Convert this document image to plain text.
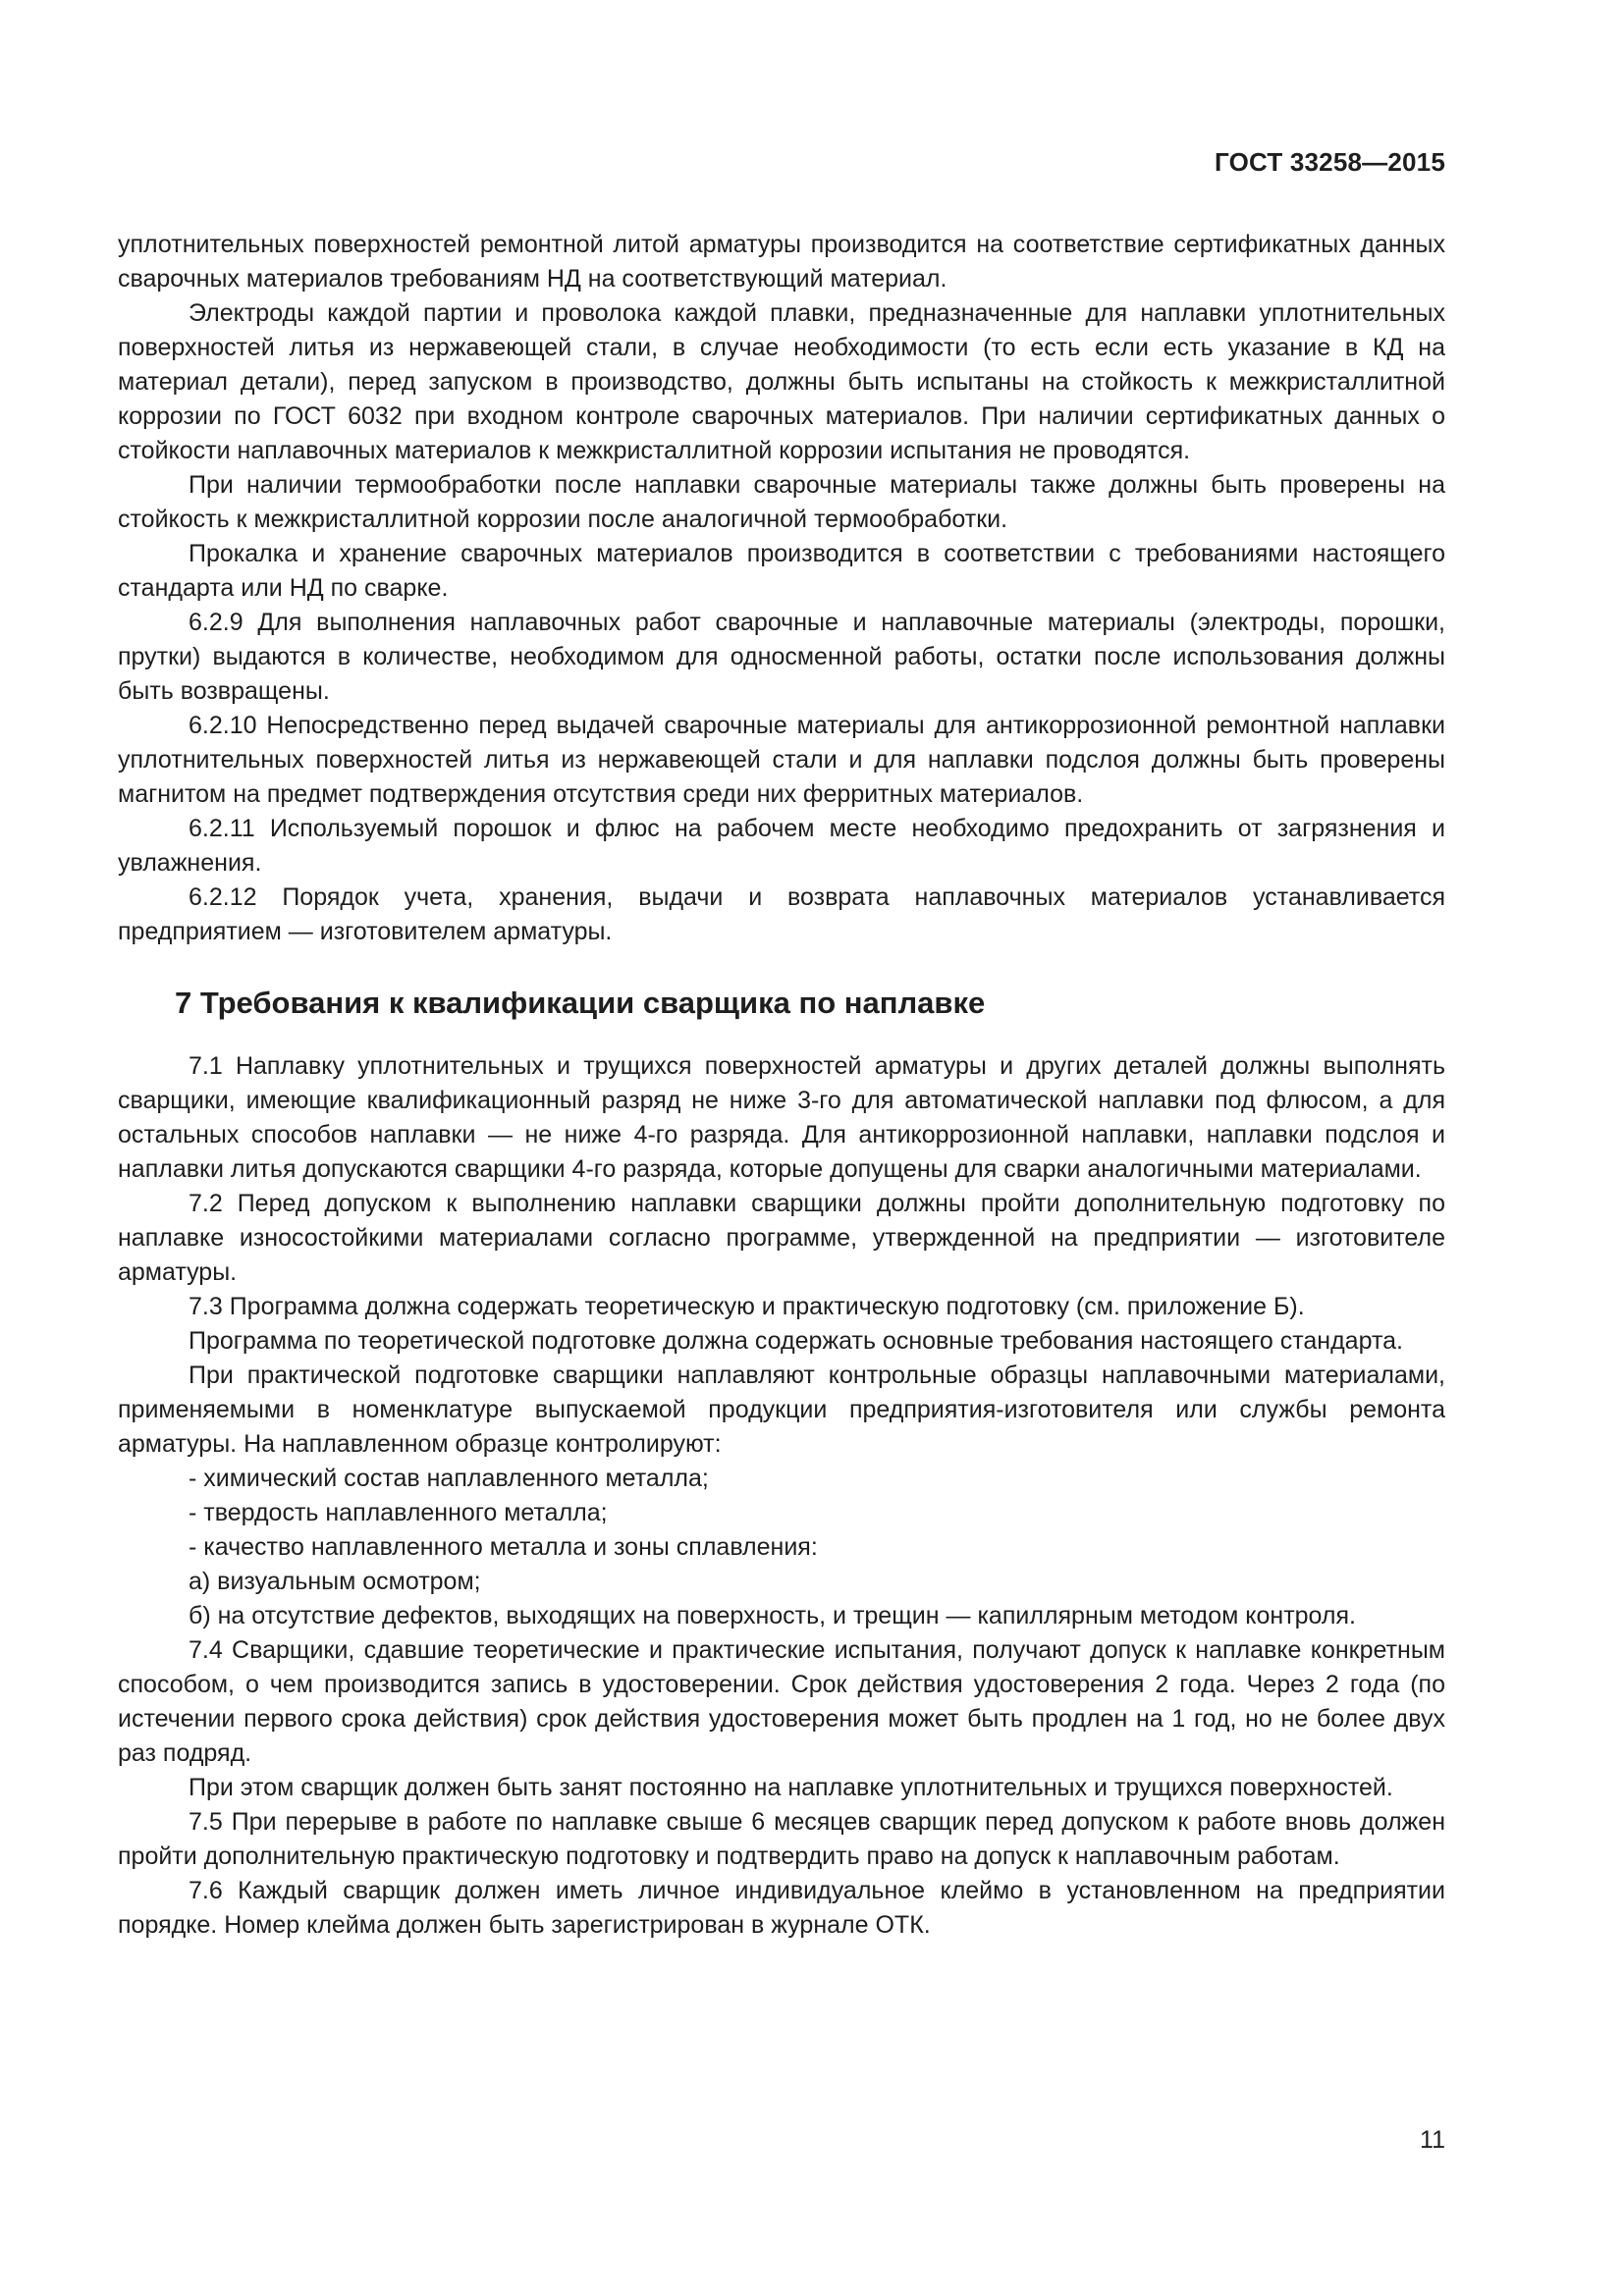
ГОСТ 33258—2015

уплотнительных поверхностей ремонтной литой арматуры производится на соответствие сертификатных данных сварочных материалов требованиям НД на соответствующий материал.

Электроды каждой партии и проволока каждой плавки, предназначенные для наплавки уплотнительных поверхностей литья из нержавеющей стали, в случае необходимости (то есть если есть указание в КД на материал детали), перед запуском в производство, должны быть испытаны на стойкость к межкристаллитной коррозии по ГОСТ 6032 при входном контроле сварочных материалов. При наличии сертификатных данных о стойкости наплавочных материалов к межкристаллитной коррозии испытания не проводятся.

При наличии термообработки после наплавки сварочные материалы также должны быть проверены на стойкость к межкристаллитной коррозии после аналогичной термообработки.

Прокалка и хранение сварочных материалов производится в соответствии с требованиями настоящего стандарта или НД по сварке.

6.2.9 Для выполнения наплавочных работ сварочные и наплавочные материалы (электроды, порошки, прутки) выдаются в количестве, необходимом для односменной работы, остатки после использования должны быть возвращены.

6.2.10 Непосредственно перед выдачей сварочные материалы для антикоррозионной ремонтной наплавки уплотнительных поверхностей литья из нержавеющей стали и для наплавки подслоя должны быть проверены магнитом на предмет подтверждения отсутствия среди них ферритных материалов.

6.2.11 Используемый порошок и флюс на рабочем месте необходимо предохранить от загрязнения и увлажнения.

6.2.12 Порядок учета, хранения, выдачи и возврата наплавочных материалов устанавливается предприятием — изготовителем арматуры.

7 Требования к квалификации сварщика по наплавке

7.1 Наплавку уплотнительных и трущихся поверхностей арматуры и других деталей должны выполнять сварщики, имеющие квалификационный разряд не ниже 3-го для автоматической наплавки под флюсом, а для остальных способов наплавки — не ниже 4-го разряда. Для антикоррозионной наплавки, наплавки подслоя и наплавки литья допускаются сварщики 4-го разряда, которые допущены для сварки аналогичными материалами.

7.2 Перед допуском к выполнению наплавки сварщики должны пройти дополнительную подготовку по наплавке износостойкими материалами согласно программе, утвержденной на предприятии — изготовителе арматуры.

7.3 Программа должна содержать теоретическую и практическую подготовку (см. приложение Б).

Программа по теоретической подготовке должна содержать основные требования настоящего стандарта.

При практической подготовке сварщики наплавляют контрольные образцы наплавочными материалами, применяемыми в номенклатуре выпускаемой продукции предприятия-изготовителя или службы ремонта арматуры. На наплавленном образце контролируют:

- химический состав наплавленного металла;

- твердость наплавленного металла;

- качество наплавленного металла и зоны сплавления:

а) визуальным осмотром;

б) на отсутствие дефектов, выходящих на поверхность, и трещин — капиллярным методом контроля.

7.4 Сварщики, сдавшие теоретические и практические испытания, получают допуск к наплавке конкретным способом, о чем производится запись в удостоверении. Срок действия удостоверения 2 года. Через 2 года (по истечении первого срока действия) срок действия удостоверения может быть продлен на 1 год, но не более двух раз подряд.

При этом сварщик должен быть занят постоянно на наплавке уплотнительных и трущихся поверхностей.

7.5 При перерыве в работе по наплавке свыше 6 месяцев сварщик перед допуском к работе вновь должен пройти дополнительную практическую подготовку и подтвердить право на допуск к наплавочным работам.

7.6 Каждый сварщик должен иметь личное индивидуальное клеймо в установленном на предприятии порядке. Номер клейма должен быть зарегистрирован в журнале ОТК.

11
